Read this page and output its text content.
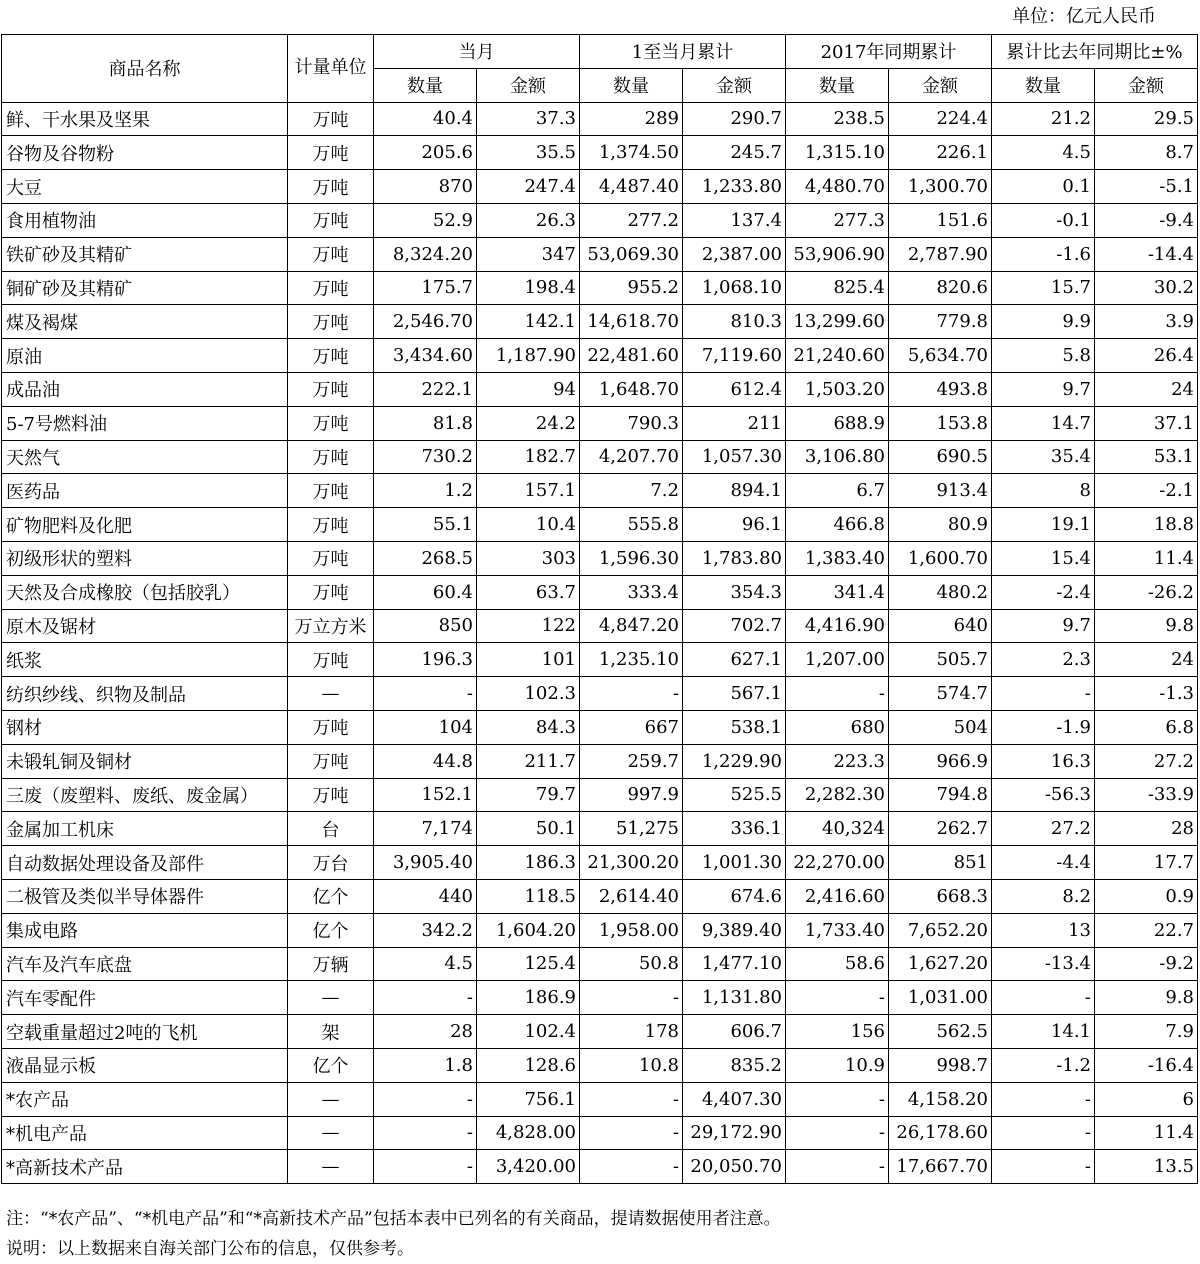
单位：亿元人民币
商品名称	计量单位	当月		1至当月累计		2017年同期累计		累计比去年同期比±%	
		数量	金额	数量	金额	数量	金额	数量	金额
鲜、干水果及坚果	万吨	40.4	37.3	289	290.7	238.5	224.4	21.2	29.5
谷物及谷物粉	万吨	205.6	35.5	1,374.50	245.7	1,315.10	226.1	4.5	8.7
大豆	万吨	870	247.4	4,487.40	1,233.80	4,480.70	1,300.70	0.1	-5.1
食用植物油	万吨	52.9	26.3	277.2	137.4	277.3	151.6	-0.1	-9.4
铁矿砂及其精矿	万吨	8,324.20	347	53,069.30	2,387.00	53,906.90	2,787.90	-1.6	-14.4
铜矿砂及其精矿	万吨	175.7	198.4	955.2	1,068.10	825.4	820.6	15.7	30.2
煤及褐煤	万吨	2,546.70	142.1	14,618.70	810.3	13,299.60	779.8	9.9	3.9
原油	万吨	3,434.60	1,187.90	22,481.60	7,119.60	21,240.60	5,634.70	5.8	26.4
成品油	万吨	222.1	94	1,648.70	612.4	1,503.20	493.8	9.7	24
5-7号燃料油	万吨	81.8	24.2	790.3	211	688.9	153.8	14.7	37.1
天然气	万吨	730.2	182.7	4,207.70	1,057.30	3,106.80	690.5	35.4	53.1
医药品	万吨	1.2	157.1	7.2	894.1	6.7	913.4	8	-2.1
矿物肥料及化肥	万吨	55.1	10.4	555.8	96.1	466.8	80.9	19.1	18.8
初级形状的塑料	万吨	268.5	303	1,596.30	1,783.80	1,383.40	1,600.70	15.4	11.4
天然及合成橡胶（包括胶乳）	万吨	60.4	63.7	333.4	354.3	341.4	480.2	-2.4	-26.2
原木及锯材	万立方米	850	122	4,847.20	702.7	4,416.90	640	9.7	9.8
纸浆	万吨	196.3	101	1,235.10	627.1	1,207.00	505.7	2.3	24
纺织纱线、织物及制品	—	-	102.3	-	567.1	-	574.7	-	-1.3
钢材	万吨	104	84.3	667	538.1	680	504	-1.9	6.8
未锻轧铜及铜材	万吨	44.8	211.7	259.7	1,229.90	223.3	966.9	16.3	27.2
三废（废塑料、废纸、废金属）	万吨	152.1	79.7	997.9	525.5	2,282.30	794.8	-56.3	-33.9
金属加工机床	台	7,174	50.1	51,275	336.1	40,324	262.7	27.2	28
自动数据处理设备及部件	万台	3,905.40	186.3	21,300.20	1,001.30	22,270.00	851	-4.4	17.7
二极管及类似半导体器件	亿个	440	118.5	2,614.40	674.6	2,416.60	668.3	8.2	0.9
集成电路	亿个	342.2	1,604.20	1,958.00	9,389.40	1,733.40	7,652.20	13	22.7
汽车及汽车底盘	万辆	4.5	125.4	50.8	1,477.10	58.6	1,627.20	-13.4	-9.2
汽车零配件	—	-	186.9	-	1,131.80	-	1,031.00	-	9.8
空载重量超过2吨的飞机	架	28	102.4	178	606.7	156	562.5	14.1	7.9
液晶显示板	亿个	1.8	128.6	10.8	835.2	10.9	998.7	-1.2	-16.4
*农产品	—	-	756.1	-	4,407.30	-	4,158.20	-	6
*机电产品	—	-	4,828.00	-	29,172.90	-	26,178.60	-	11.4
*高新技术产品	—	-	3,420.00	-	20,050.70	-	17,667.70	-	13.5
注：“*农产品”、“*机电产品”和“*高新技术产品”包括本表中已列名的有关商品，提请数据使用者注意。
说明：以上数据来自海关部门公布的信息，仅供参考。
